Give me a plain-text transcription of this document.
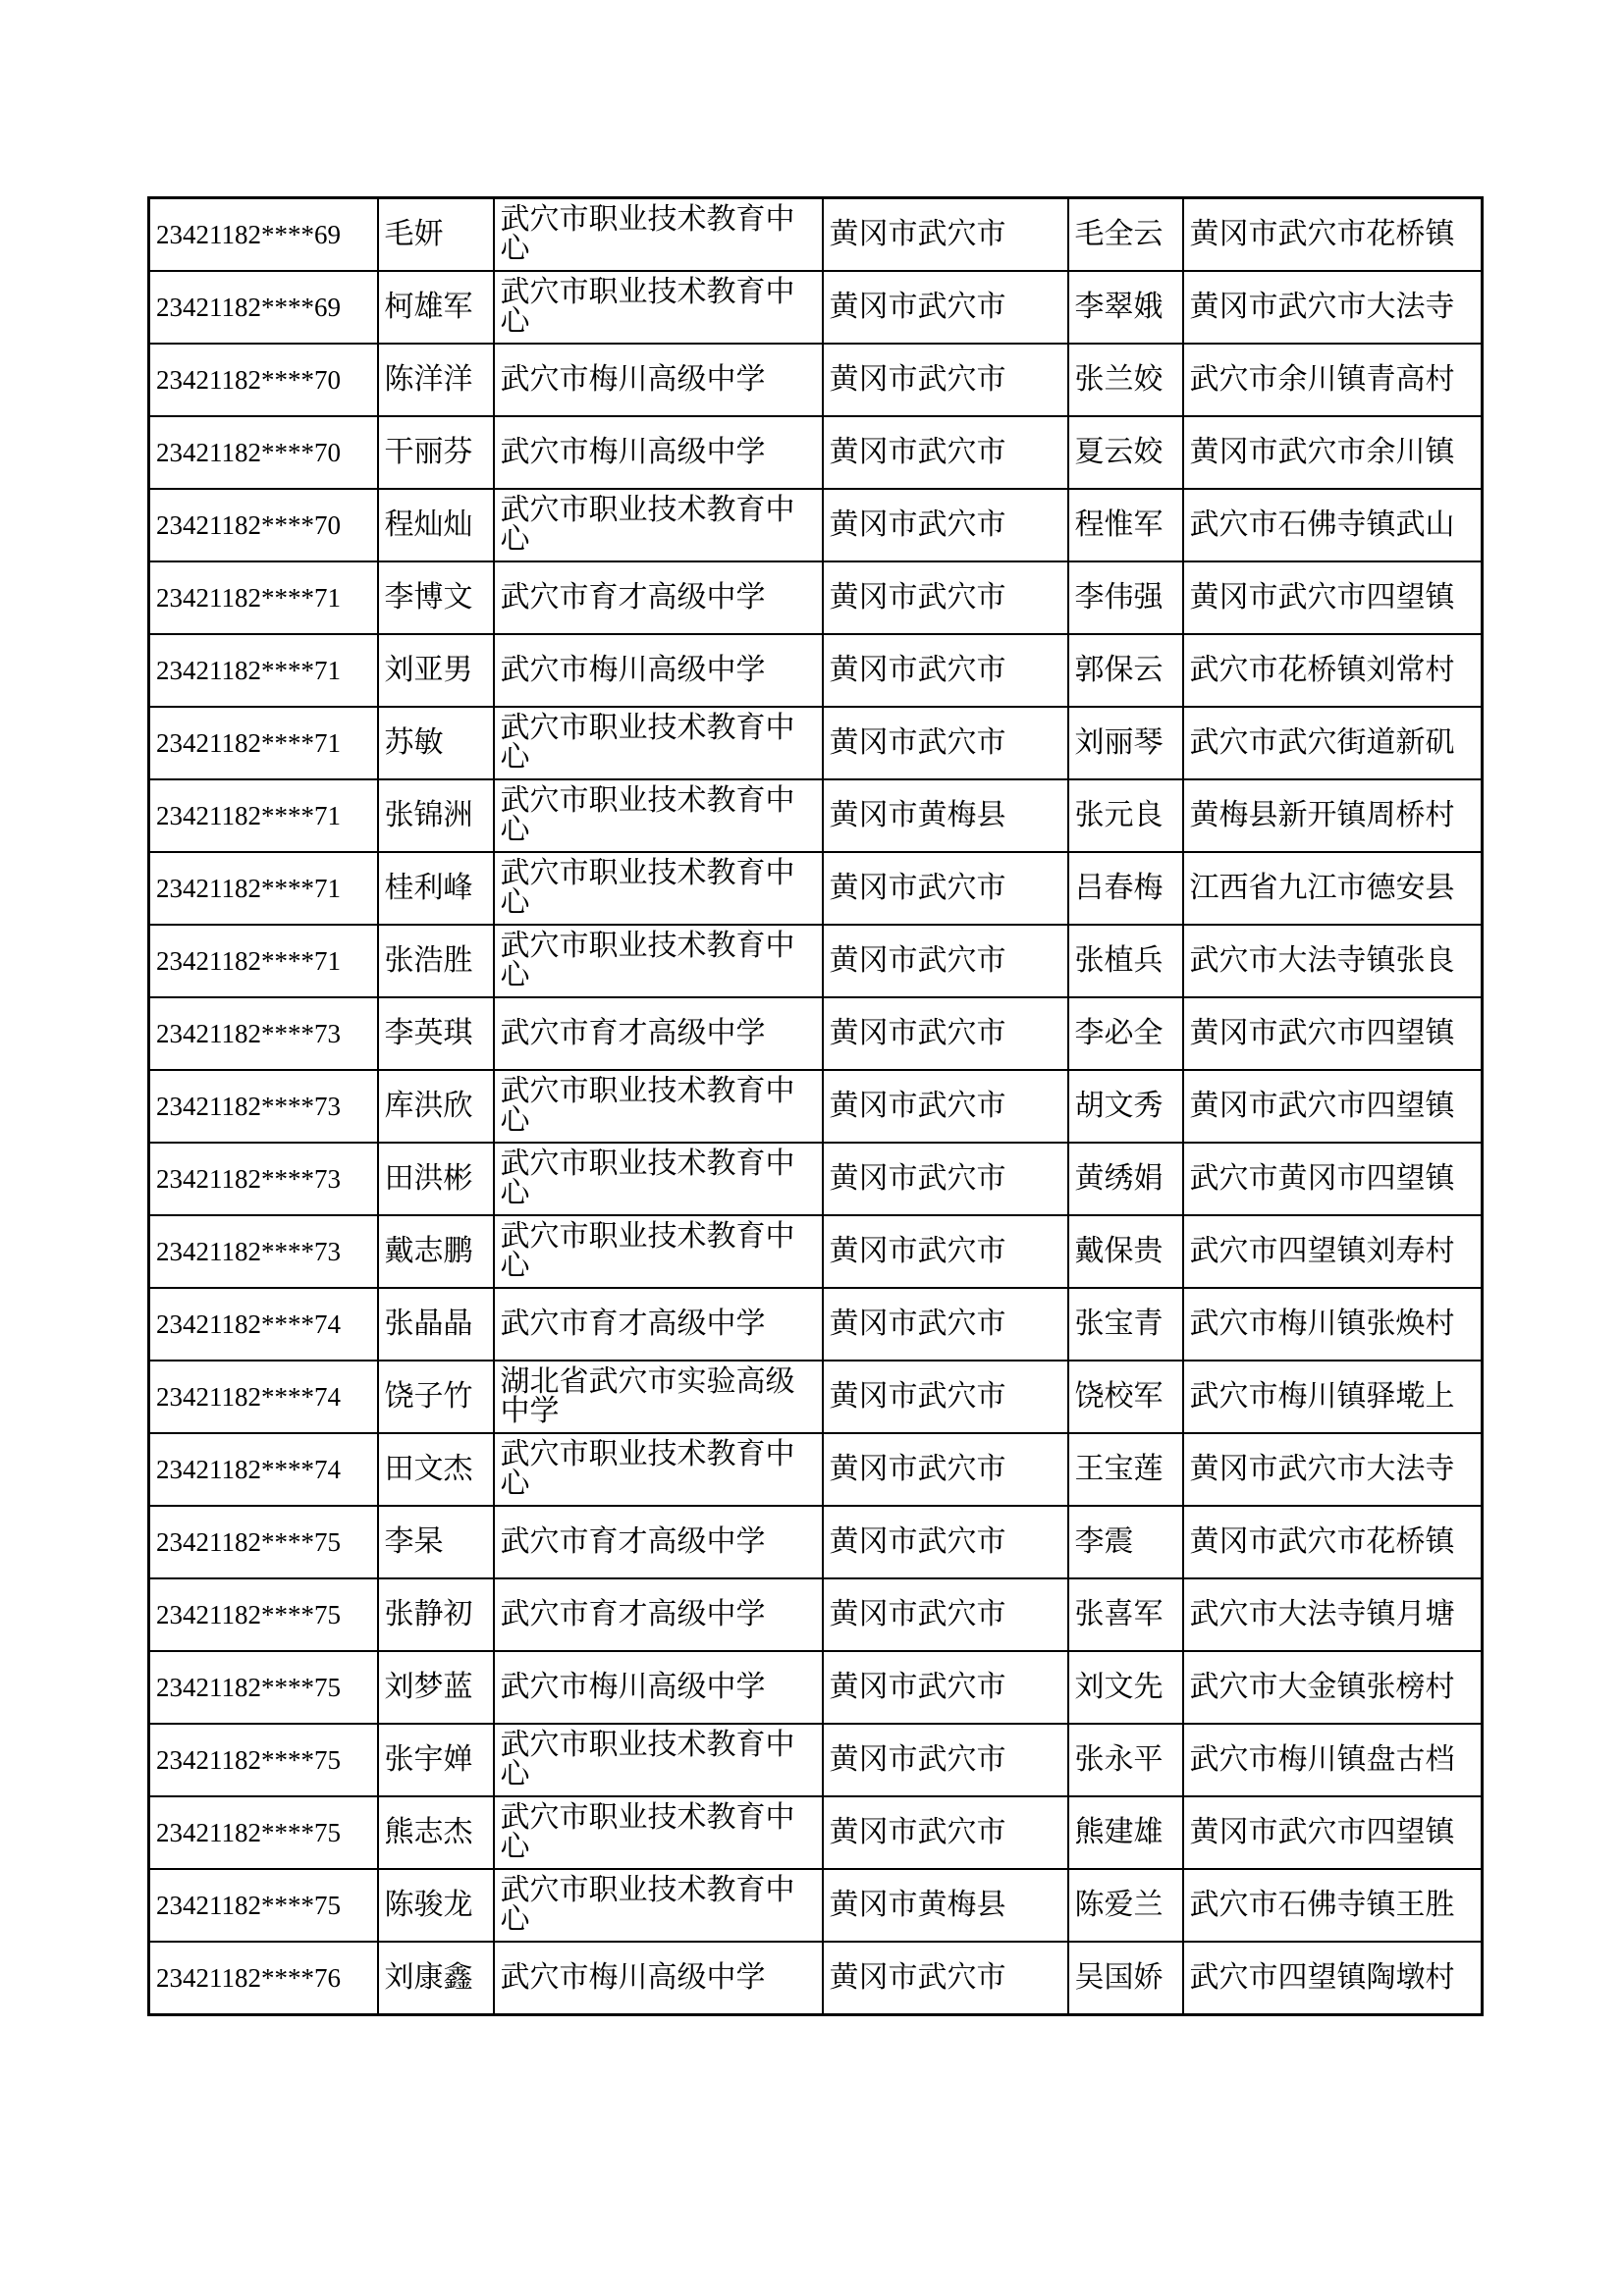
23421182****69	毛妍	武穴市职业技术教育中心	黄冈市武穴市	毛全云	黄冈市武穴市花桥镇
23421182****69	柯雄军	武穴市职业技术教育中心	黄冈市武穴市	李翠娥	黄冈市武穴市大法寺
23421182****70	陈洋洋	武穴市梅川高级中学	黄冈市武穴市	张兰姣	武穴市余川镇青高村
23421182****70	干丽芬	武穴市梅川高级中学	黄冈市武穴市	夏云姣	黄冈市武穴市余川镇
23421182****70	程灿灿	武穴市职业技术教育中心	黄冈市武穴市	程惟军	武穴市石佛寺镇武山
23421182****71	李博文	武穴市育才高级中学	黄冈市武穴市	李伟强	黄冈市武穴市四望镇
23421182****71	刘亚男	武穴市梅川高级中学	黄冈市武穴市	郭保云	武穴市花桥镇刘常村
23421182****71	苏敏	武穴市职业技术教育中心	黄冈市武穴市	刘丽琴	武穴市武穴街道新矶
23421182****71	张锦洲	武穴市职业技术教育中心	黄冈市黄梅县	张元良	黄梅县新开镇周桥村
23421182****71	桂利峰	武穴市职业技术教育中心	黄冈市武穴市	吕春梅	江西省九江市德安县
23421182****71	张浩胜	武穴市职业技术教育中心	黄冈市武穴市	张植兵	武穴市大法寺镇张良
23421182****73	李英琪	武穴市育才高级中学	黄冈市武穴市	李必全	黄冈市武穴市四望镇
23421182****73	库洪欣	武穴市职业技术教育中心	黄冈市武穴市	胡文秀	黄冈市武穴市四望镇
23421182****73	田洪彬	武穴市职业技术教育中心	黄冈市武穴市	黄绣娟	武穴市黄冈市四望镇
23421182****73	戴志鹏	武穴市职业技术教育中心	黄冈市武穴市	戴保贵	武穴市四望镇刘寿村
23421182****74	张晶晶	武穴市育才高级中学	黄冈市武穴市	张宝青	武穴市梅川镇张焕村
23421182****74	饶子竹	湖北省武穴市实验高级中学	黄冈市武穴市	饶校军	武穴市梅川镇驿墘上
23421182****74	田文杰	武穴市职业技术教育中心	黄冈市武穴市	王宝莲	黄冈市武穴市大法寺
23421182****75	李杲	武穴市育才高级中学	黄冈市武穴市	李震	黄冈市武穴市花桥镇
23421182****75	张静初	武穴市育才高级中学	黄冈市武穴市	张喜军	武穴市大法寺镇月塘
23421182****75	刘梦蓝	武穴市梅川高级中学	黄冈市武穴市	刘文先	武穴市大金镇张榜村
23421182****75	张宇婵	武穴市职业技术教育中心	黄冈市武穴市	张永平	武穴市梅川镇盘古档
23421182****75	熊志杰	武穴市职业技术教育中心	黄冈市武穴市	熊建雄	黄冈市武穴市四望镇
23421182****75	陈骏龙	武穴市职业技术教育中心	黄冈市黄梅县	陈爱兰	武穴市石佛寺镇王胜
23421182****76	刘康鑫	武穴市梅川高级中学	黄冈市武穴市	吴国娇	武穴市四望镇陶墩村
